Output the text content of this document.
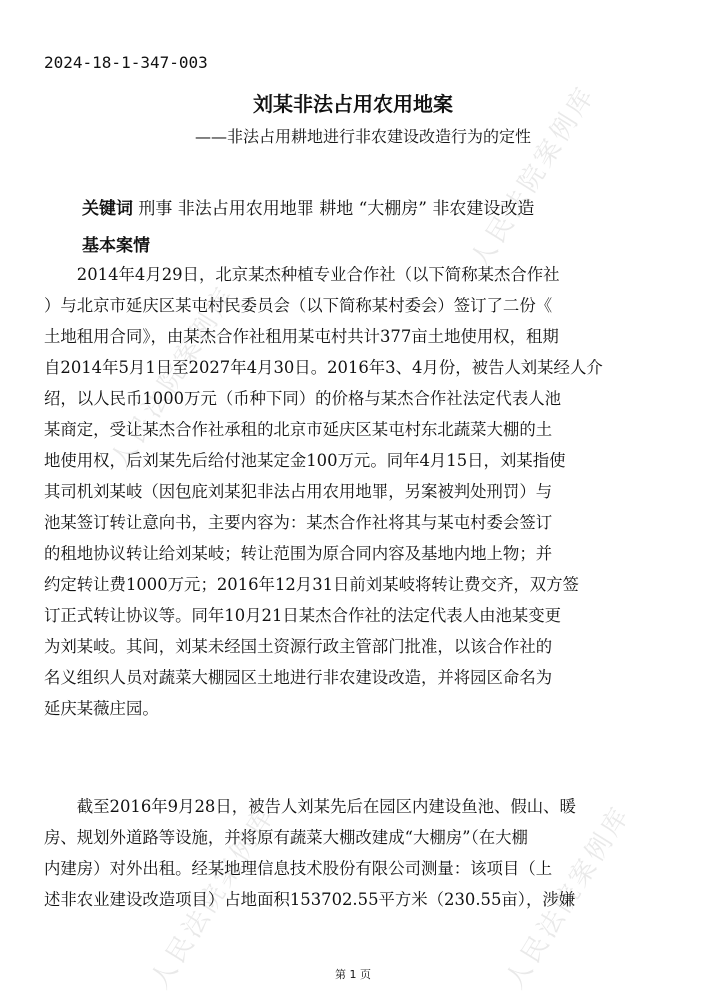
人民法院案例库
人民法院案例库
人民法院案例库	人民法院案例库
2024-18-1-347-003
刘某非法占用农用地案
——非法占用耕地进行非农建设改造行为的定性
关键词 刑事 非法占用农用地罪 耕地 “大棚房” 非农建设改造
基本案情
　　2014年4月29日，北京某杰种植专业合作社（以下简称某杰合作社
）与北京市延庆区某屯村民委员会（以下简称某村委会）签订了二份《
土地租用合同》，由某杰合作社租用某屯村共计377亩土地使用权，租期
自2014年5月1日至2027年4月30日。2016年3、4月份，被告人刘某经人介
绍，以人民币1000万元（币种下同）的价格与某杰合作社法定代表人池
某商定，受让某杰合作社承租的北京市延庆区某屯村东北蔬菜大棚的土
地使用权，后刘某先后给付池某定金100万元。同年4月15日，刘某指使
其司机刘某岐（因包庇刘某犯非法占用农用地罪，另案被判处刑罚）与
池某签订转让意向书，主要内容为：某杰合作社将其与某屯村委会签订
的租地协议转让给刘某岐；转让范围为原合同内容及基地内地上物；并
约定转让费1000万元；2016年12月31日前刘某岐将转让费交齐，双方签
订正式转让协议等。同年10月21日某杰合作社的法定代表人由池某变更
为刘某岐。其间，刘某未经国土资源行政主管部门批准，以该合作社的
名义组织人员对蔬菜大棚园区土地进行非农建设改造，并将园区命名为
延庆某薇庄园。
　　截至2016年9月28日，被告人刘某先后在园区内建设鱼池、假山、暖
房、规划外道路等设施，并将原有蔬菜大棚改建成“大棚房”（在大棚
内建房）对外出租。经某地理信息技术股份有限公司测量：该项目（上
述非农业建设改造项目）占地面积153702.55平方米（230.55亩），涉嫌
第 1 页
